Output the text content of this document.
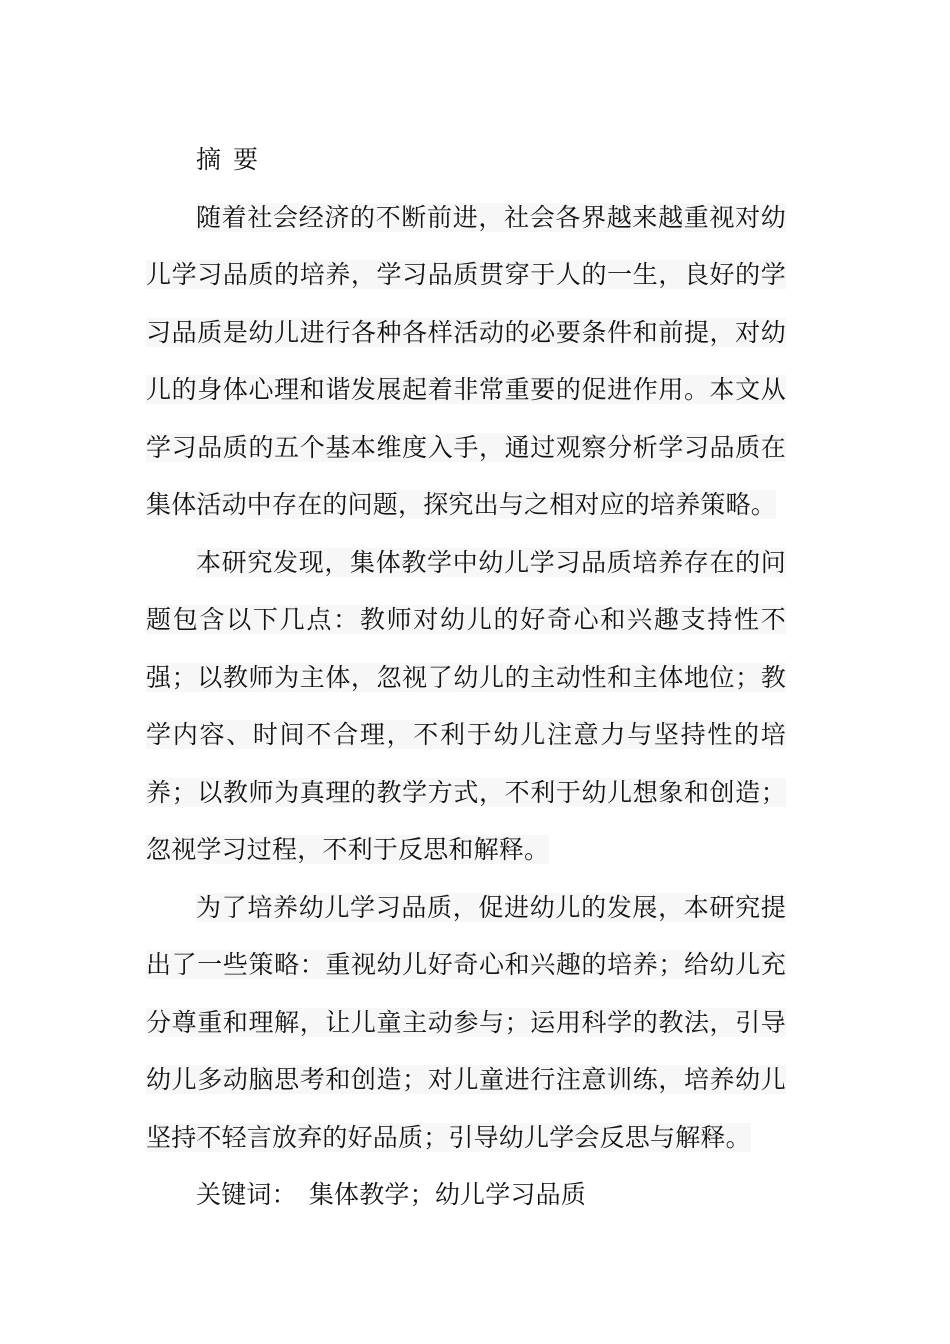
摘要

随着社会经济的不断前进，社会各界越来越重视对幼儿学习品质的培养，学习品质贯穿于人的一生，良好的学习品质是幼儿进行各种各样活动的必要条件和前提，对幼儿的身体心理和谐发展起着非常重要的促进作用。本文从学习品质的五个基本维度入手，通过观察分析学习品质在集体活动中存在的问题，探究出与之相对应的培养策略。

本研究发现，集体教学中幼儿学习品质培养存在的问题包含以下几点：教师对幼儿的好奇心和兴趣支持性不强；以教师为主体，忽视了幼儿的主动性和主体地位；教学内容、时间不合理，不利于幼儿注意力与坚持性的培养；以教师为真理的教学方式，不利于幼儿想象和创造；忽视学习过程，不利于反思和解释。

为了培养幼儿学习品质，促进幼儿的发展，本研究提出了一些策略：重视幼儿好奇心和兴趣的培养；给幼儿充分尊重和理解，让儿童主动参与；运用科学的教法，引导幼儿多动脑思考和创造；对儿童进行注意训练，培养幼儿坚持不轻言放弃的好品质；引导幼儿学会反思与解释。

关键词： 集体教学；幼儿学习品质
